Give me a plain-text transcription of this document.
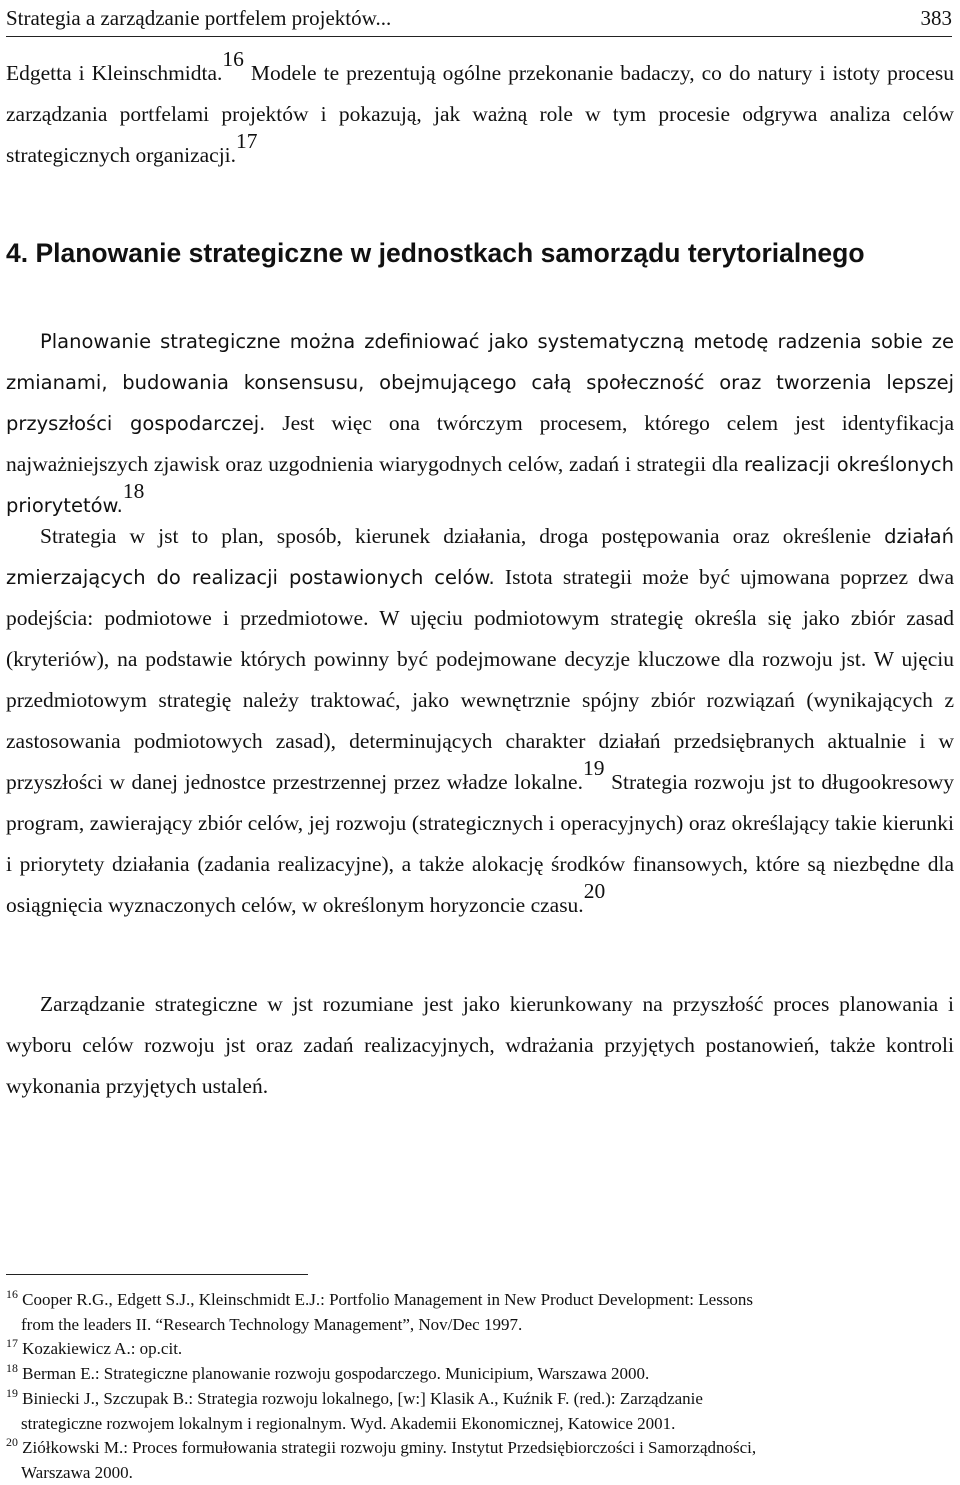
Strategia a zarządzanie portfelem projektów...	383
Edgetta i Kleinschmidta.$^{16}$ Modele te prezentują ogólne przekonanie badaczy, co do natury i istoty procesu zarządzania portfelami projektów i pokazują, jak ważną role w tym procesie odgrywa analiza celów strategicznych organizacji.$^{17}$
4. Planowanie strategiczne w jednostkach samorządu terytorialnego
Planowanie strategiczne można zdefiniować jako systematyczną metodę radzenia sobie ze zmianami, budowania konsensusu, obejmującego całą społeczność oraz tworzenia lepszej przyszłości gospodarczej. Jest więc ona twórczym procesem, którego celem jest identyfikacja najważniejszych zjawisk oraz uzgodnienia wiarygodnych celów, zadań i strategii dla realizacji określonych priorytetów.$^{18}$
Strategia w jst to plan, sposób, kierunek działania, droga postępowania oraz określenie działań zmierzających do realizacji postawionych celów. Istota strategii może być ujmowana poprzez dwa podejścia: podmiotowe i przedmiotowe. W ujęciu podmiotowym strategię określa się jako zbiór zasad (kryteriów), na podstawie których powinny być podejmowane decyzje kluczowe dla rozwoju jst. W ujęciu przedmiotowym strategię należy traktować, jako wewnętrznie spójny zbiór rozwiązań (wynikających z zastosowania podmiotowych zasad), determinujących charakter działań przedsiębranych aktualnie i w przyszłości w danej jednostce przestrzennej przez władze lokalne.$^{19}$ Strategia rozwoju jst to długookresowy program, zawierający zbiór celów, jej rozwoju (strategicznych i operacyjnych) oraz określający takie kierunki i priorytety działania (zadania realizacyjne), a także alokację środków finansowych, które są niezbędne dla osiągnięcia wyznaczonych celów, w określonym horyzoncie czasu.$^{20}$
Zarządzanie strategiczne w jst rozumiane jest jako kierunkowany na przyszłość proces planowania i wyboru celów rozwoju jst oraz zadań realizacyjnych, wdrażania przyjętych postanowień, także kontroli wykonania przyjętych ustaleń.

$^{16}$ Cooper R.G., Edgett S.J., Kleinschmidt E.J.: Portfolio Management in New Product Development: Lessons
from the leaders II. “Research Technology Management”, Nov/Dec 1997.

$^{17}$ Kozakiewicz A.: op.cit.

$^{18}$ Berman E.: Strategiczne planowanie rozwoju gospodarczego. Municipium, Warszawa 2000.

$^{19}$ Biniecki J., Szczupak B.: Strategia rozwoju lokalnego, [w:] Klasik A., Kuźnik F. (red.): Zarządzanie
strategiczne rozwojem lokalnym i regionalnym. Wyd. Akademii Ekonomicznej, Katowice 2001.

$^{20}$ Ziółkowski M.: Proces formułowania strategii rozwoju gminy. Instytut Przedsiębiorczości i Samorządności,
Warszawa 2000.
